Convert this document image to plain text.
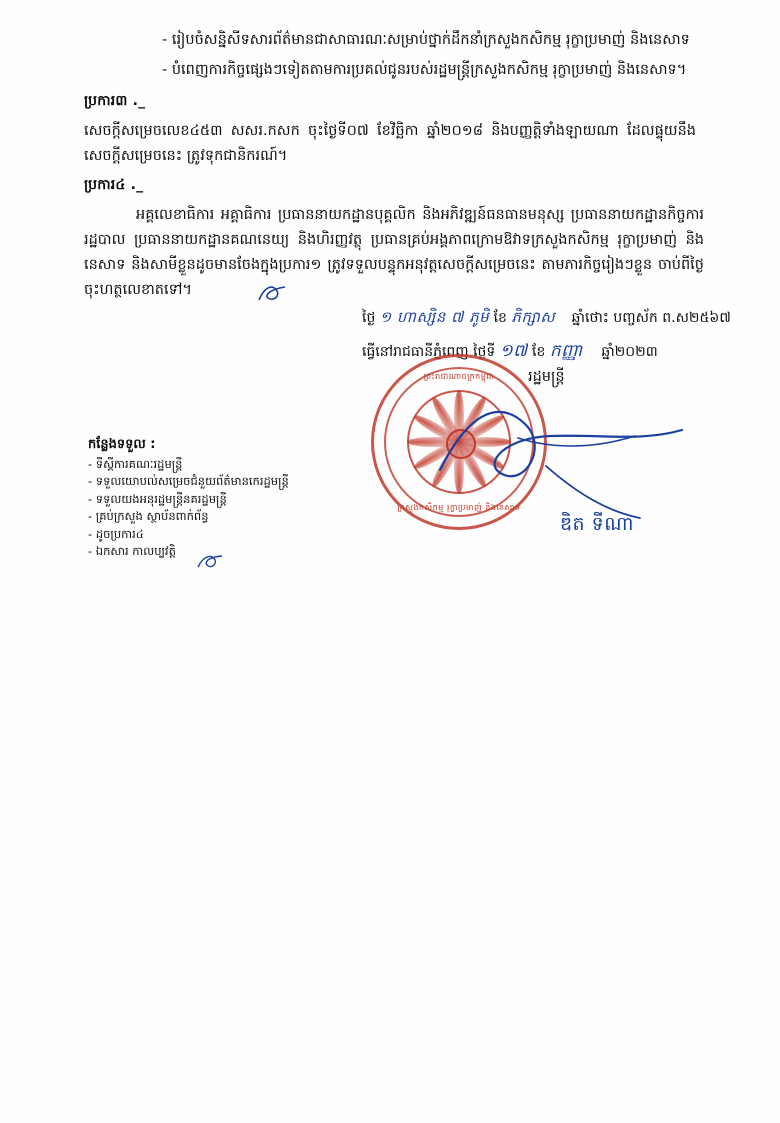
- រៀបចំសន្និសីទសារព័ត៌មានជាសាធារណៈសម្រាប់ថ្នាក់ដឹកនាំក្រសួងកសិកម្ម រុក្ខាប្រមាញ់ និងនេសាទ
- បំពេញការកិច្ចផ្សេងៗទៀតតាមការប្រគល់ជូនរបស់រដ្ឋមន្ត្រីក្រសួងកសិកម្ម រុក្ខាប្រមាញ់ និងនេសាទ។
ប្រការ៣ ._
សេចក្ដីសម្រេចលេខ៤៥៣ សសរ.កសក ចុះថ្ងៃទី០៧ ខែវិច្ឆិកា ឆ្នាំ២០១៨ និងបញ្ញត្តិទាំងឡាយណា ដែលផ្ទុយនឹងសេចក្ដីសម្រេចនេះ ត្រូវទុកជានិករណ៍។
ប្រការ៤ ._
អគ្គលេខាធិការ អគ្គាធិការ ប្រធាននាយកដ្ឋានបុគ្គលិក និងអភិវឌ្ឍន៍ធនធានមនុស្ស ប្រធាននាយកដ្ឋានកិច្ចការរដ្ឋបាល ប្រធាននាយកដ្ឋានគណនេយ្យ និងហិរញ្ញវត្ថុ ប្រធានគ្រប់អង្គភាពក្រោមឱវាទក្រសួងកសិកម្ម រុក្ខាប្រមាញ់ និងនេសាទ និងសាមីខ្លួនដូចមានចែងក្នុងប្រការ១ ត្រូវទទួលបន្ទុកអនុវត្តសេចក្ដីសម្រេចនេះ តាមភារកិច្ចរៀងៗខ្លួន ចាប់ពីថ្ងៃចុះហត្ថលេខាតទៅ។
ថ្ងៃ ១ ហាស្សិន ៧ ភូមិ ខែ ភិក្សាស ឆ្នាំថោះ បញ្ចស័ក ព.ស២៥៦៧
ធ្វើនៅរាជធានីភ្នំពេញ ថ្ងៃទី ១៧ ខែ កញ្ញា ឆ្នាំ២០២៣
រដ្ឋមន្ត្រី
ព្រះរាជាណាចក្រកម្ពុជា
ក្រសួងកសិកម្ម រុក្ខាប្រមាញ់ និងនេសាទ
ឌិត ទីណា
កន្លែងទទួល :
- ទីស្តីការគណៈរដ្ឋមន្ត្រី
- ទទួលយោបល់សម្រេចជំនួយព័ត៌មានកេរដ្ឋមន្ត្រី
- ទទួលយងអនុរដ្ឋមន្ត្រីនគរដ្ឋមន្ត្រី
- គ្រប់ក្រសួង ស្ថាប័នពាក់ព័ន្ធ
- ដូចប្រការ៤
- ឯកសារ កាលប្បវត្តិ
